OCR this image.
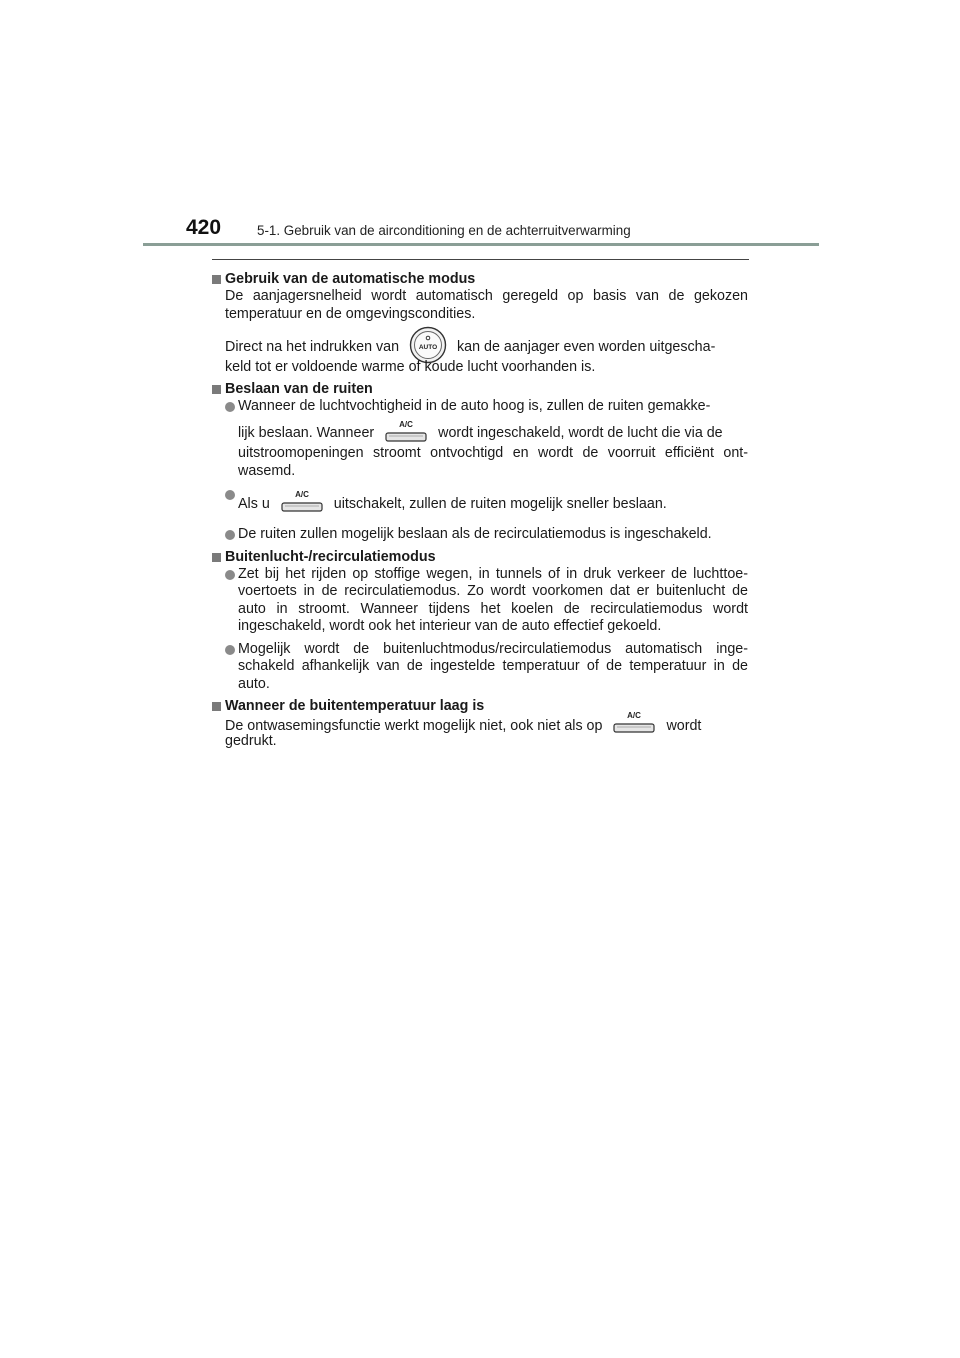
420	5-1. Gebruik van de airconditioning en de achterruitverwarming

Gebruik van de automatische modus

De aanjagersnelheid wordt automatisch geregeld op basis van de gekozen temperatuur en de omgevingscondities.

Direct na het indrukken van	AUTO kan de aanjager even worden uitgescha-

keld tot er voldoende warme of koude lucht voorhanden is.

Beslaan van de ruiten

Wanneer de luchtvochtigheid in de auto hoog is, zullen de ruiten gemakke-

lijk beslaan. Wanneer
A/C
wordt ingeschakeld, wordt de lucht die via de

uitstroomopeningen stroomt ontvochtigd en wordt de voorruit efficiënt ont-wasemd.

Als u
A/C
uitschakelt, zullen de ruiten mogelijk sneller beslaan.

De ruiten zullen mogelijk beslaan als de recirculatiemodus is ingeschakeld.

Buitenlucht-/recirculatiemodus

Zet bij het rijden op stoffige wegen, in tunnels of in druk verkeer de luchttoe-voertoets in de recirculatiemodus. Zo wordt voorkomen dat er buitenlucht de auto in stroomt. Wanneer tijdens het koelen de recirculatiemodus wordt ingeschakeld, wordt ook het interieur van de auto effectief gekoeld.

Mogelijk wordt de buitenluchtmodus/recirculatiemodus automatisch inge-schakeld afhankelijk van de ingestelde temperatuur of de temperatuur in de auto.

Wanneer de buitentemperatuur laag is

De ontwasemingsfunctie werkt mogelijk niet, ook niet als op
A/C
wordt

gedrukt.
